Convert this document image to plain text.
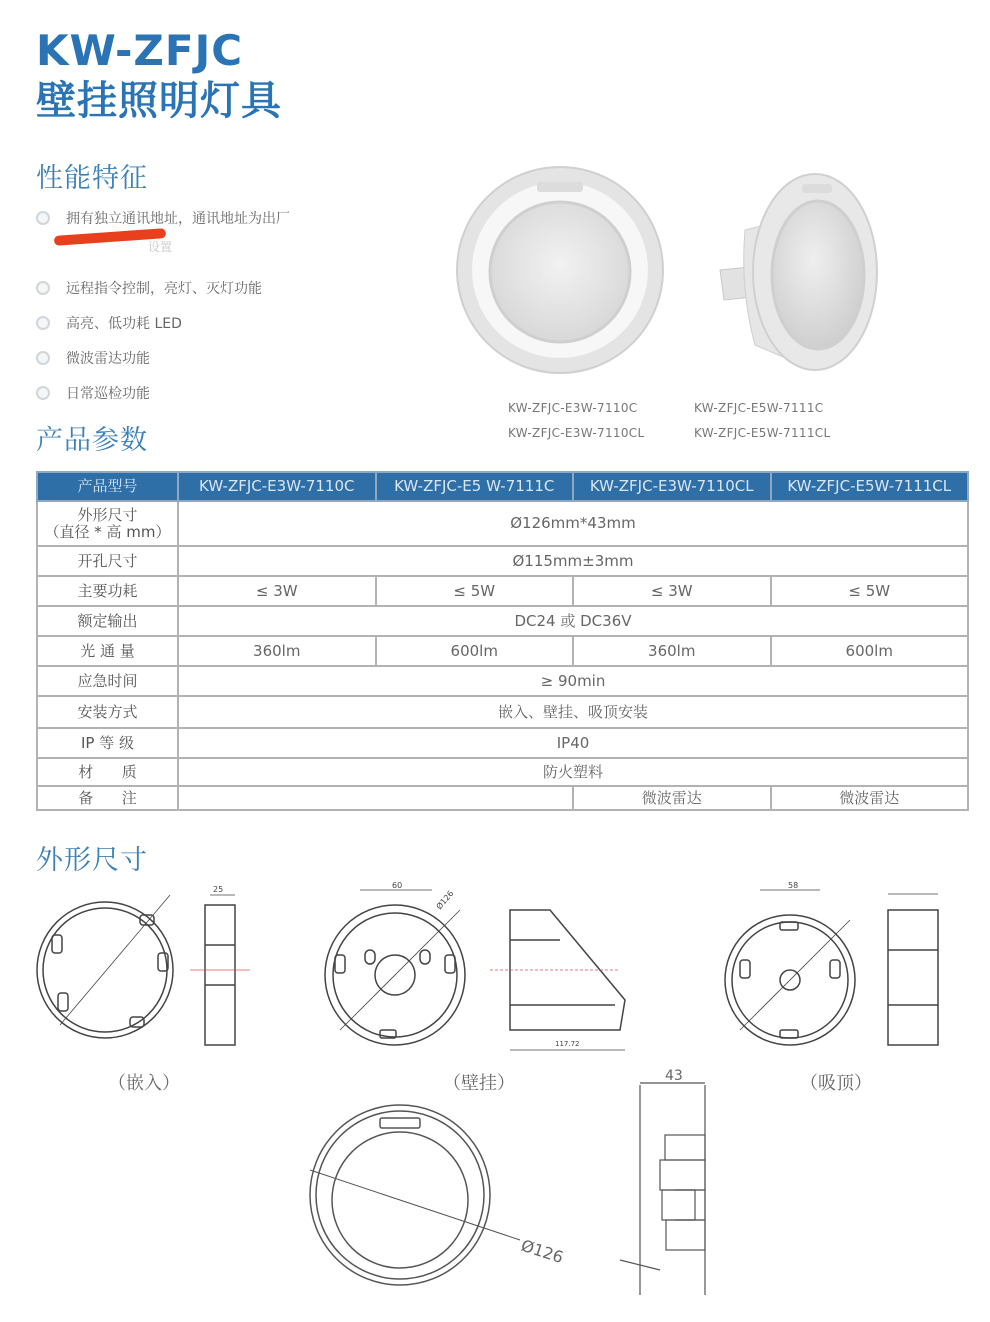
KW-ZFJC
壁挂照明灯具
性能特征
拥有独立通讯地址，通讯地址为出厂
远程指令控制，亮灯、灭灯功能
高亮、低功耗 LED
微波雷达功能
日常巡检功能
设置
KW-ZFJC-E3W-7110C
KW-ZFJC-E3W-7110CL
KW-ZFJC-E5W-7111C
KW-ZFJC-E5W-7111CL
产品参数
产品型号	KW-ZFJC-E3W-7110C	KW-ZFJC-E5 W-7111C	KW-ZFJC-E3W-7110CL	KW-ZFJC-E5W-7111CL

外形尺寸
（直径 * 高 mm）	Ø126mm*43mm			
开孔尺寸	Ø115mm±3mm			
主要功耗	≤ 3W	≤ 5W	≤ 3W	≤ 5W
额定输出	DC24 或 DC36V			
光 通 量	360lm	600lm	360lm	600lm
应急时间	≥ 90min			
安装方式	嵌入、壁挂、吸顶安装			
IP 等 级	IP40			
材      质	防火塑料			
备      注			微波雷达	微波雷达
外形尺寸
25
（嵌入）
60
Ø126
117.72
（壁挂）
58
（吸顶）
Ø126
43
